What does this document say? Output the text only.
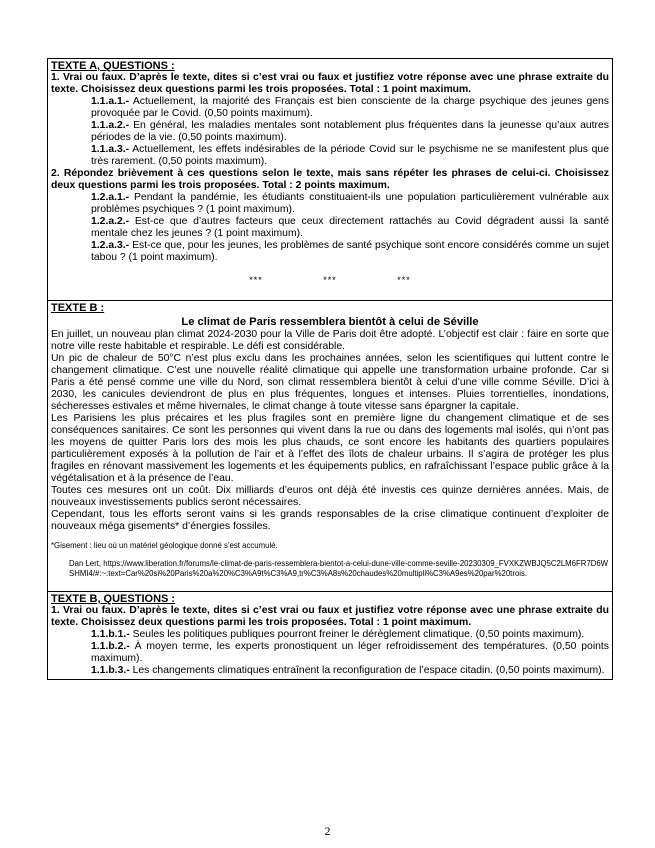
TEXTE A, QUESTIONS :

1. Vrai ou faux. D’après le texte, dites si c’est vrai ou faux et justifiez votre réponse avec une phrase extraite du texte. Choisissez deux questions parmi les trois proposées. Total : 1 point maximum.

1.1.a.1.- Actuellement, la majorité des Français est bien consciente de la charge psychique des jeunes gens provoquée par le Covid. (0,50 points maximum).

1.1.a.2.- En général, les maladies mentales sont notablement plus fréquentes dans la jeunesse qu’aux autres périodes de la vie. (0,50 points maximum).

1.1.a.3.- Actuellement, les effets indésirables de la période Covid sur le psychisme ne se manifestent plus que très rarement. (0,50 points maximum).

2. Répondez brièvement à ces questions selon le texte, mais sans répéter les phrases de celui-ci. Choisissez deux questions parmi les trois proposées. Total : 2 points maximum.

1.2.a.1.- Pendant la pandémie, les étudiants constituaient-ils une population particulièrement vulnérable aux problèmes psychiques ? (1 point maximum).

1.2.a.2.- Est-ce que d’autres facteurs que ceux directement rattachés au Covid dégradent aussi la santé mentale chez les jeunes ? (1 point maximum).

1.2.a.3.- Est-ce que, pour les jeunes, les problèmes de santé psychique sont encore considérés comme un sujet tabou ? (1 point maximum).

***	***	***

TEXTE B :

Le climat de Paris ressemblera bientôt à celui de Séville

En juillet, un nouveau plan climat 2024-2030 pour la Ville de Paris doit être adopté. L’objectif est clair : faire en sorte que notre ville reste habitable et respirable. Le défi est considérable.

Un pic de chaleur de 50°C n’est plus exclu dans les prochaines années, selon les scientifiques qui luttent contre le changement climatique. C’est une nouvelle réalité climatique qui appelle une transformation urbaine profonde. Car si Paris a été pensé comme une ville du Nord, son climat ressemblera bientôt à celui d’une ville comme Séville. D’ici à 2030, les canicules deviendront de plus en plus fréquentes, longues et intenses. Pluies torrentielles, inondations, sécheresses estivales et même hivernales, le climat change à toute vitesse sans épargner la capitale.

Les Parisiens les plus précaires et les plus fragiles sont en première ligne du changement climatique et de ses conséquences sanitaires. Ce sont les personnes qui vivent dans la rue ou dans des logements mal isolés, qui n’ont pas les moyens de quitter Paris lors des mois les plus chauds, ce sont encore les habitants des quartiers populaires particulièrement exposés à la pollution de l’air et à l’effet des îlots de chaleur urbains. Il s’agira de protéger les plus fragiles en rénovant massivement les logements et les équipements publics, en rafraîchissant l’espace public grâce à la végétalisation et à la présence de l’eau.

Toutes ces mesures ont un coût. Dix milliards d’euros ont déjà été investis ces quinze dernières années. Mais, de nouveaux investissements publics seront nécessaires.

Cependant, tous les efforts seront vains si les grands responsables de la crise climatique continuent d’exploiter de nouveaux méga gisements* d’énergies fossiles.

*Gisement : lieu où un matériel géologique donné s’est accumulé.

Dan Lert, https://www.liberation.fr/forums/le-climat-de-paris-ressemblera-bientot-a-celui-dune-ville-comme-seville-20230309_FVXKZWBJQ5C2LM6FR7D6WSHMI4/#:~:text=Car%20si%20Paris%20a%20%C3%A9t%C3%A9,tr%C3%A8s%20chaudes%20multipli%C3%A9es%20par%20trois.

TEXTE B, QUESTIONS :

1. Vrai ou faux. D’après le texte, dites si c’est vrai ou faux et justifiez votre réponse avec une phrase extraite du texte. Choisissez deux questions parmi les trois proposées. Total : 1 point maximum.

1.1.b.1.- Seules les politiques publiques pourront freiner le dérèglement climatique. (0,50 points maximum).

1.1.b.2.- À moyen terme, les experts pronostiquent un léger refroidissement des températures. (0,50 points maximum).

1.1.b.3.- Les changements climatiques entraînent la reconfiguration de l’espace citadin. (0,50 points maximum).

2
